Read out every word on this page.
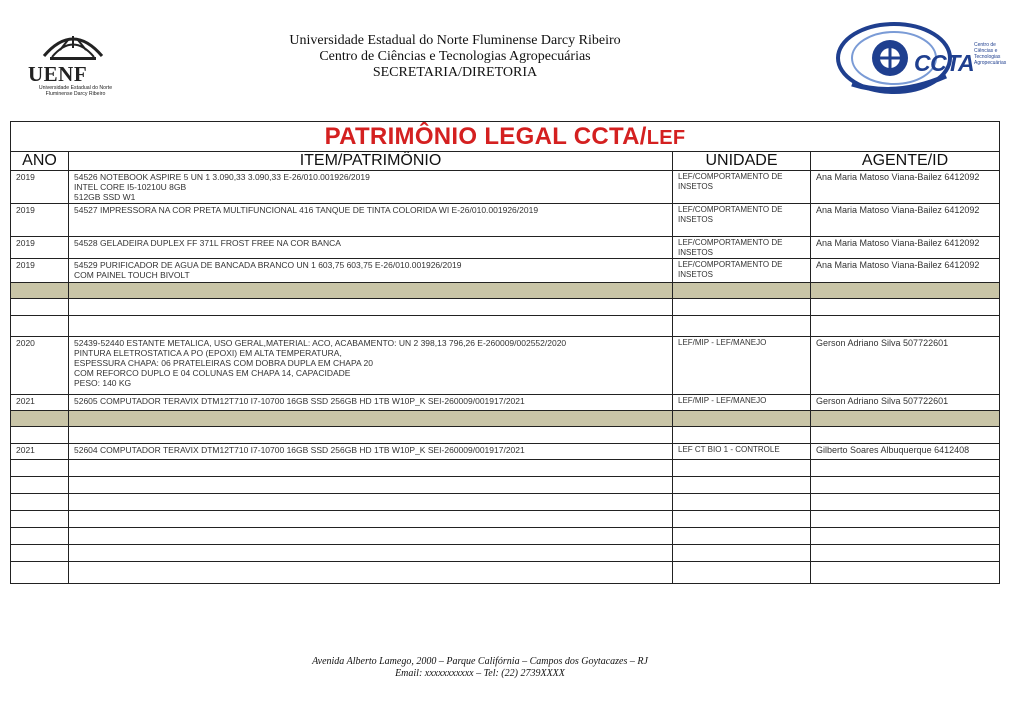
UENF
Universidade Estadual do Norte Fluminense Darcy Ribeiro
Universidade Estadual do Norte Fluminense Darcy Ribeiro
Centro de Ciências e Tecnologias Agropecuárias
SECRETARIA/DIRETORIA	CCTA
Centro de Ciências e Tecnologias Agropecuárias
PATRIMÔNIO LEGAL CCTA/LEF			
ANO	ITEM/PATRIMÔNIO	UNIDADE	AGENTE/ID
2019	54526 NOTEBOOK ASPIRE 5 UN 1 3.090,33 3.090,33 E-26/010.001926/2019
INTEL CORE I5-10210U 8GB
512GB SSD W1	LEF/COMPORTAMENTO DE INSETOS	Ana Maria Matoso Viana-Bailez 6412092
2019	54527 IMPRESSORA NA COR PRETA MULTIFUNCIONAL 416 TANQUE DE TINTA COLORIDA WI E-26/010.001926/2019	LEF/COMPORTAMENTO DE INSETOS	Ana Maria Matoso Viana-Bailez 6412092
2019	54528 GELADEIRA DUPLEX FF 371L FROST FREE NA COR BANCA	LEF/COMPORTAMENTO DE INSETOS	Ana Maria Matoso Viana-Bailez 6412092
2019	54529 PURIFICADOR DE AGUA DE BANCADA BRANCO UN 1 603,75 603,75 E-26/010.001926/2019
COM PAINEL TOUCH BIVOLT	LEF/COMPORTAMENTO DE INSETOS	Ana Maria Matoso Viana-Bailez 6412092

2020	52439-52440 ESTANTE METALICA, USO GERAL,MATERIAL: ACO, ACABAMENTO: UN 2 398,13 796,26 E-260009/002552/2020
PINTURA ELETROSTATICA A PO (EPOXI) EM ALTA TEMPERATURA,
ESPESSURA CHAPA: 06 PRATELEIRAS COM DOBRA DUPLA EM CHAPA 20
COM REFORCO DUPLO E 04 COLUNAS EM CHAPA 14, CAPACIDADE
PESO: 140 KG	LEF/MIP - LEF/MANEJO	Gerson Adriano Silva 507722601
2021	52605 COMPUTADOR TERAVIX DTM12T710 I7-10700 16GB SSD 256GB HD 1TB W10P_K SEI-260009/001917/2021	LEF/MIP - LEF/MANEJO	Gerson Adriano Silva 507722601

2021	52604 COMPUTADOR TERAVIX DTM12T710 I7-10700 16GB SSD 256GB HD 1TB W10P_K SEI-260009/001917/2021	LEF CT BIO 1 - CONTROLE	Gilberto Soares Albuquerque 6412408

Avenida Alberto Lamego, 2000 – Parque Califórnia – Campos dos Goytacazes – RJ
Email: xxxxxxxxxxx – Tel: (22) 2739XXXX
